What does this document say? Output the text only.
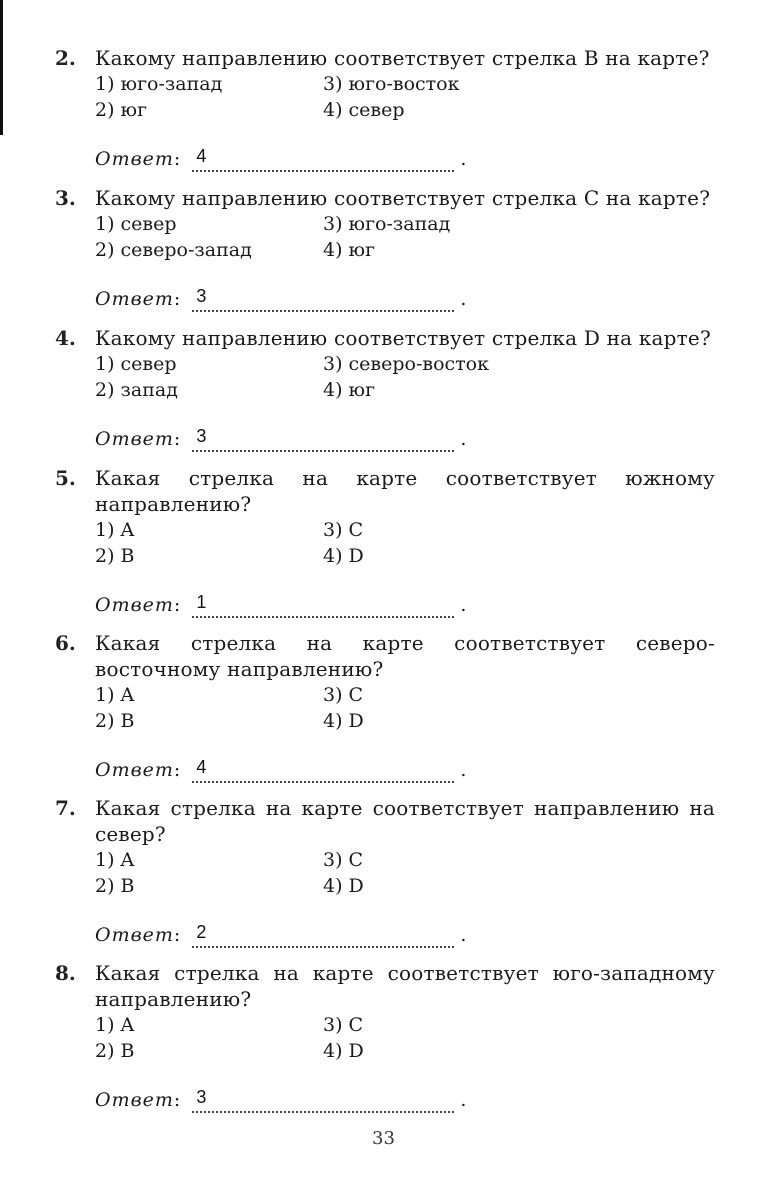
2. Какому направлению соответствует стрелка В на карте?
1) юго-запад	3) юго-восток
2) юг	4) север
Ответ: 4	.
3. Какому направлению соответствует стрелка С на карте?
1) север	3) юго-запад
2) северо-запад	4) юг
Ответ: 3	.
4. Какому направлению соответствует стрелка D на карте?
1) север	3) северо-восток
2) запад	4) юг
Ответ: 3	.
5. Какая стрелка на карте соответствует южному направлению?
1) A	3) C
2) B	4) D
Ответ: 1	.
6. Какая стрелка на карте соответствует северо-восточному направлению?
1) A	3) C
2) B	4) D
Ответ: 4	.
7. Какая стрелка на карте соответствует направлению на север?
1) A	3) C
2) B	4) D
Ответ: 2	.
8. Какая стрелка на карте соответствует юго-западному направлению?
1) A	3) C
2) B	4) D
Ответ: 3	.
33
